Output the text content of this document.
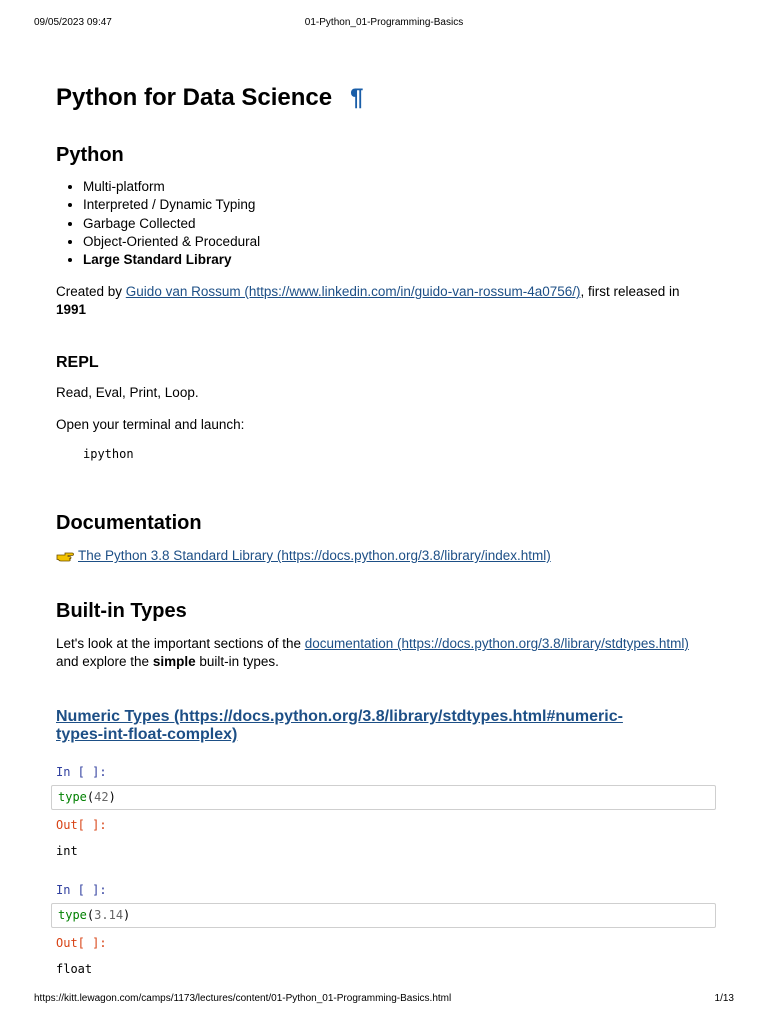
09/05/2023 09:47	01-Python_01-Programming-Basics
Python for Data Science ¶
Python
• Multi-platform
• Interpreted / Dynamic Typing
• Garbage Collected
• Object-Oriented & Procedural
• Large Standard Library

Created by Guido van Rossum (https://www.linkedin.com/in/guido-van-rossum-4a0756/), first released in
1991

REPL

Read, Eval, Print, Loop.

Open your terminal and launch:

ipython
Documentation

The Python 3.8 Standard Library (https://docs.python.org/3.8/library/index.html)

Built-in Types

Let's look at the important sections of the documentation (https://docs.python.org/3.8/library/stdtypes.html)
and explore the simple built-in types.

Numeric Types (https://docs.python.org/3.8/library/stdtypes.html#numeric-
types-int-float-complex)
In [ ]:
type(42)
Out[ ]:
int
In [ ]:
type(3.14)
Out[ ]:
float
https://kitt.lewagon.com/camps/1173/lectures/content/01-Python_01-Programming-Basics.html	1/13
